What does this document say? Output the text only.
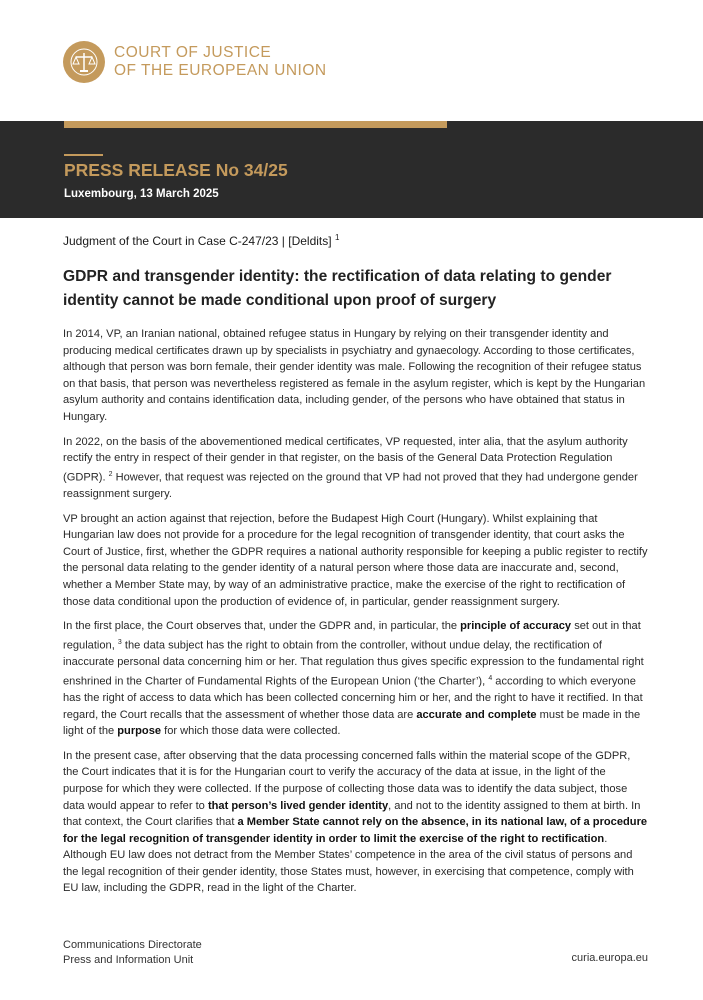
COURT OF JUSTICE
OF THE EUROPEAN UNION
PRESS RELEASE No 34/25
Luxembourg, 13 March 2025
Judgment of the Court in Case C-247/23 | [Deldits] $^1$
GDPR and transgender identity: the rectification of data relating to gender identity cannot be made conditional upon proof of surgery

In 2014, VP, an Iranian national, obtained refugee status in Hungary by relying on their transgender identity and producing medical certificates drawn up by specialists in psychiatry and gynaecology. According to those certificates, although that person was born female, their gender identity was male. Following the recognition of their refugee status on that basis, that person was nevertheless registered as female in the asylum register, which is kept by the Hungarian asylum authority and contains identification data, including gender, of the persons who have obtained that status in Hungary.

In 2022, on the basis of the abovementioned medical certificates, VP requested, inter alia, that the asylum authority rectify the entry in respect of their gender in that register, on the basis of the General Data Protection Regulation (GDPR). $^2$ However, that request was rejected on the ground that VP had not proved that they had undergone gender reassignment surgery.

VP brought an action against that rejection, before the Budapest High Court (Hungary). Whilst explaining that Hungarian law does not provide for a procedure for the legal recognition of transgender identity, that court asks the Court of Justice, first, whether the GDPR requires a national authority responsible for keeping a public register to rectify the personal data relating to the gender identity of a natural person where those data are inaccurate and, second, whether a Member State may, by way of an administrative practice, make the exercise of the right to rectification of those data conditional upon the production of evidence of, in particular, gender reassignment surgery.

In the first place, the Court observes that, under the GDPR and, in particular, the principle of accuracy set out in that regulation, $^3$ the data subject has the right to obtain from the controller, without undue delay, the rectification of inaccurate personal data concerning him or her. That regulation thus gives specific expression to the fundamental right enshrined in the Charter of Fundamental Rights of the European Union (‘the Charter’), $^4$ according to which everyone has the right of access to data which has been collected concerning him or her, and the right to have it rectified. In that regard, the Court recalls that the assessment of whether those data are accurate and complete must be made in the light of the purpose for which those data were collected.

In the present case, after observing that the data processing concerned falls within the material scope of the GDPR, the Court indicates that it is for the Hungarian court to verify the accuracy of the data at issue, in the light of the purpose for which they were collected. If the purpose of collecting those data was to identify the data subject, those data would appear to refer to that person’s lived gender identity, and not to the identity assigned to them at birth. In that context, the Court clarifies that a Member State cannot rely on the absence, in its national law, of a procedure for the legal recognition of transgender identity in order to limit the exercise of the right to rectification. Although EU law does not detract from the Member States’ competence in the area of the civil status of persons and the legal recognition of their gender identity, those States must, however, in exercising that competence, comply with EU law, including the GDPR, read in the light of the Charter.

Communications Directorate
Press and Information Unit	curia.europa.eu
